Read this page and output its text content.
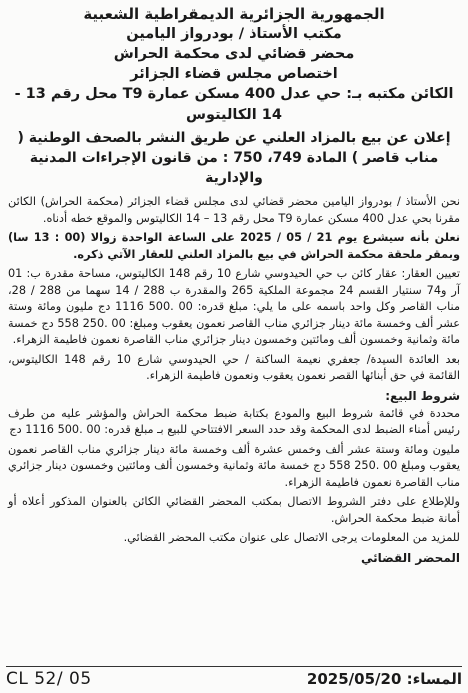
الجمهورية الجزائرية الديمقراطية الشعبية

مكتب الأستاذ / بودرواز اليامين

محضر قضائي لدى محكمة الحراش

اختصاص مجلس قضاء الجزائر

الكائن مكتبه بـ: حي عدل 400 مسكن عمارة T9 محل رقم 13 - 14 الكاليتوس

إعلان عن بيع بالمزاد العلني عن طريق النشر بالصحف الوطنية ( مناب قاصر ) المادة 749، 750 : من قانون الإجراءات المدنية والإدارية

نحن الأستاذ / بودرواز اليامين محضر قضائي لدى مجلس قضاء الجزائر (محكمة الحراش) الكائن مقرنا بحي عدل 400 مسكن عمارة T9 محل رقم 13 – 14 الكاليتوس والموقع خطه أدناه.

نعلن بأنه سيشرع يوم 21 / 05 / 2025 على الساعة الواحدة زوالا (00 : 13 سا) وبمقر ملحقة محكمة الحراش في بيع بالمزاد العلني للعقار الآتي ذكره.

تعيين العقار: عقار كائن ب حي الحيدوسي شارع 10 رقم 148 الكاليتوس، مساحة مقدرة ب: 01 آر و74 سنتيار القسم 24 مجموعة الملكية 265 والمقدرة ب 288 / 14 سهما من 288 / 28، مناب القاصر وكل واحد باسمه على ما يلي: مبلغ قدره: 00 .500 1116 دج مليون ومائة وستة عشر ألف وخمسة مائة دينار جزائري مناب القاصر نعمون يعقوب ومبلغ: 00 .250 558 دج خمسة مائة وثمانية وخمسون ألف ومائتين وخمسون دينار جزائري مناب القاصرة نعمون فاطيمة الزهراء.

بعد العائدة السيدة/ جعفري نعيمة الساكنة / حي الحيدوسي شارع 10 رقم 148 الكاليتوس، القائمة في حق أبنائها القصر نعمون يعقوب ونعمون فاطيمة الزهراء.

شروط البيع:

محددة في قائمة شروط البيع والمودع بكتابة ضبط محكمة الحراش والمؤشر عليه من طرف رئيس أمناء الضبط لدى المحكمة وقد حدد السعر الافتتاحي للبيع بـ مبلغ قدره: 00 .500 1116 دج

مليون ومائة وستة عشر ألف وخمس عشرة ألف وخمسة مائة دينار جزائري مناب القاصر نعمون يعقوب ومبلغ 00 .250 558 دج خمسة مائة وثمانية وخمسون ألف ومائتين وخمسون دينار جزائري مناب القاصرة نعمون فاطيمة الزهراء.

وللإطلاع على دفتر الشروط الاتصال بمكتب المحضر القضائي الكائن بالعنوان المذكور أعلاه أو أمانة ضبط محكمة الحراش.

للمزيد من المعلومات يرجى الاتصال على عنوان مكتب المحضر القضائي.

المحضر القضائي

المساء: 2025/05/20
CL 52/ 05
